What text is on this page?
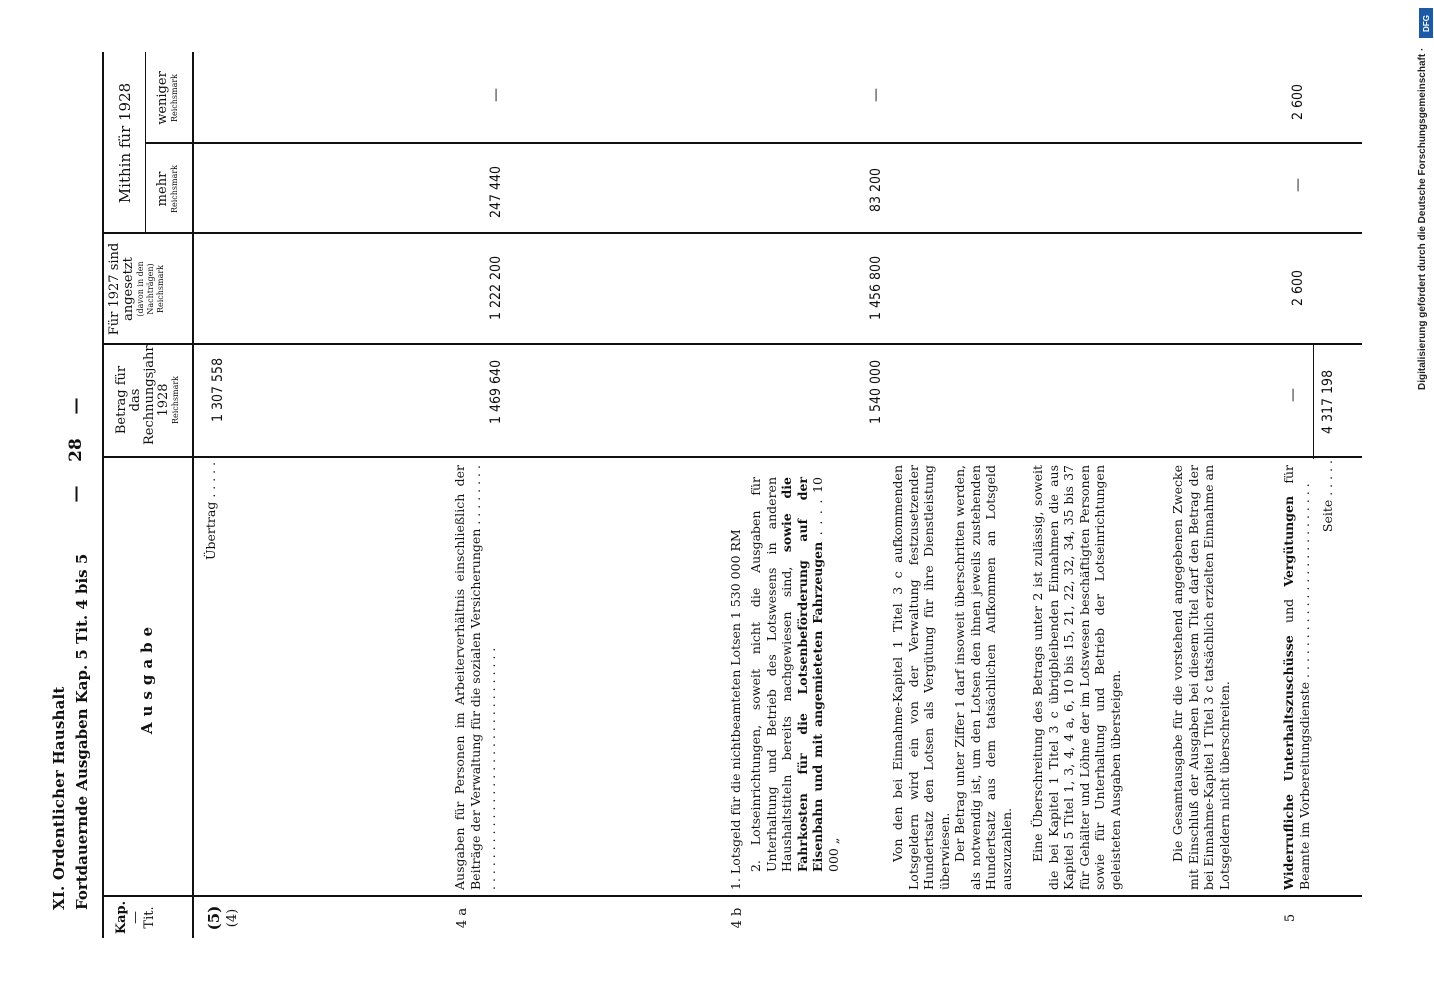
XI. Ordentlicher Haushalt Fortdauernde Ausgaben Kap. 5 Tit. 4 bis 5
—    28    —
Kap. — Tit.
Ausgabe
Betrag für das Rechnungsjahr 1928 Reichsmark
Für 1927 sind angesetzt (davon in den Nachträgen) Reichsmark
Mithin für 1928 mehr Reichsmark
weniger Reichsmark
(5) (4)
Übertrag . . . . .
1 307 558
4 a
Ausgaben für Personen im Arbeiterverhältnis einschließlich der Beiträge der Verwaltung für die sozialen Versicherungen . . . . . . . . . . . . . . . . . . . . . . . . . . . . . . . . . . . . . . .
1 469 640
1 222 200
247 440
—
4 b
1. Lotsgeld für die nichtbeamteten Lotsen 1 530 000 RM 2. Lotseinrichtungen, soweit nicht die Ausgaben für Unterhaltung und Betrieb des Lotswesens in anderen Haushaltstiteln bereits nachgewiesen sind, sowie die Fahrkosten für die Lotsenbeförderung auf der Eisenbahn und mit angemieteten Fahrzeugen . . . . 10 000 „	Von den bei Einnahme-Kapitel 1 Titel 3 c aufkommenden Lotsgeldern wird ein von der Verwaltung festzusetzender Hundertsatz den Lotsen als Vergütung für ihre Dienstleistung überwiesen. Der Betrag unter Ziffer 1 darf insoweit überschritten werden, als notwendig ist, um den Lotsen den ihnen jeweils zustehenden Hundertsatz aus dem tatsächlichen Aufkommen an Lotsgeld auszuzahlen. Eine Überschreitung des Betrags unter 2 ist zulässig, soweit die bei Kapitel 1 Titel 3 c übrigbleibenden Einnahmen die aus Kapitel 5 Titel 1, 3, 4, 4 a, 6, 10 bis 15, 21, 22, 32, 34, 35 bis 37 für Gehälter und Löhne der im Lotswesen beschäftigten Personen sowie für Unterhaltung und Betrieb der Lotseinrichtungen geleisteten Ausgaben übersteigen.	Die Gesamtausgabe für die vorstehend angegebenen Zwecke mit Einschluß der Ausgaben bei diesem Titel darf den Betrag der bei Einnahme-Kapitel 1 Titel 3 c tatsächlich erzielten Einnahme an Lotsgeldern nicht überschreiten.
1 540 000
1 456 800
83 200
—
5
Widerrufliche Unterhaltszuschüsse und Vergütungen für Beamte im Vorbereitungsdienste . . . . . . . . . . . . . . . . . . . . . . . . .
—
2 600
—
2 600
Seite . . . . .
4 317 198
DFG
Digitalisierung gefördert durch die Deutsche Forschungsgemeinschaft ·
